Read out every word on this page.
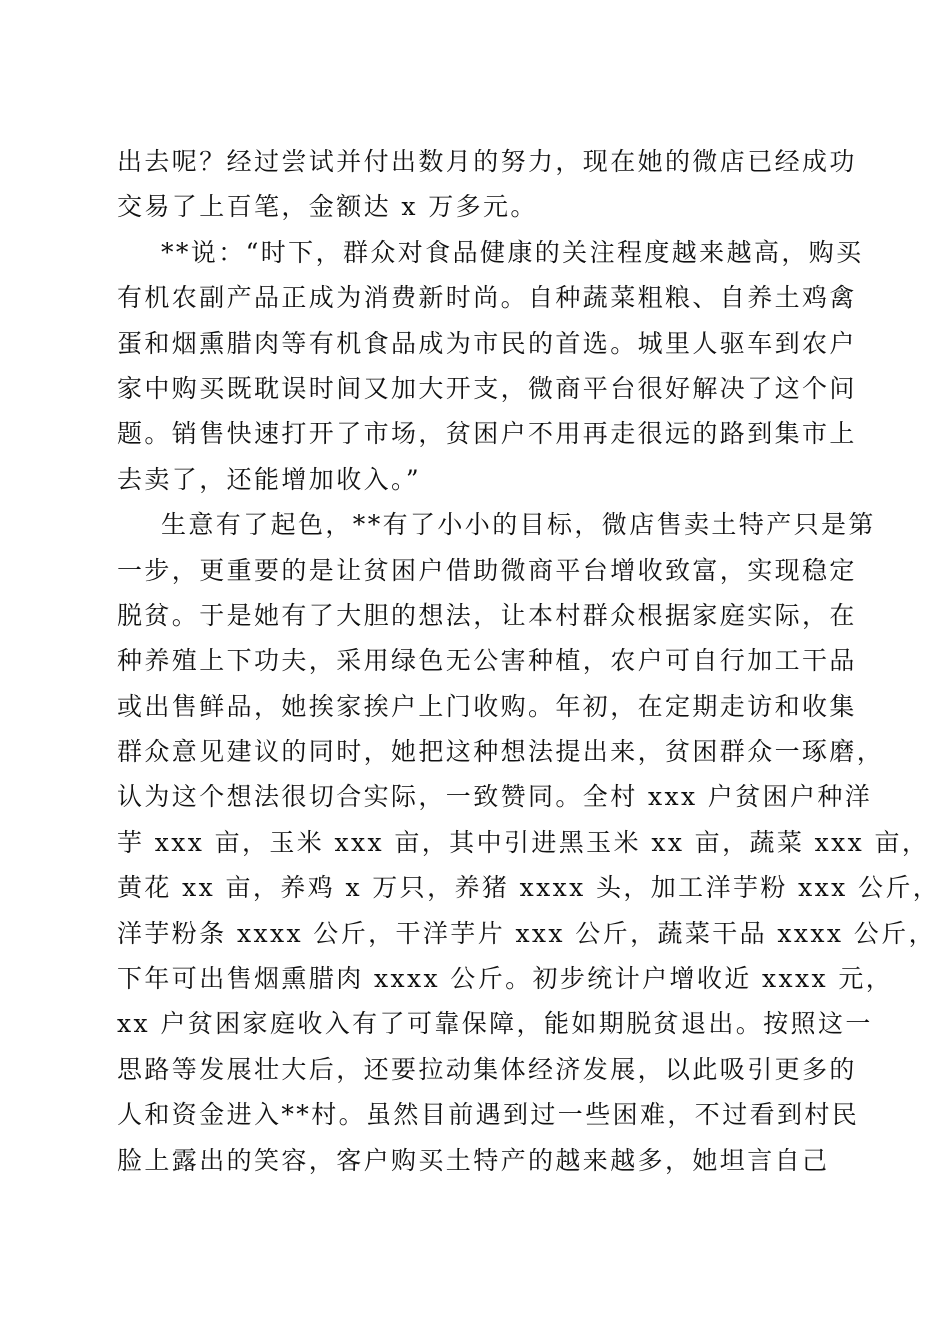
出去呢？经过尝试并付出数月的努力，现在她的微店已经成功
交易了上百笔，金额达 x 万多元。
**说：“时下，群众对食品健康的关注程度越来越高，购买
有机农副产品正成为消费新时尚。自种蔬菜粗粮、自养土鸡禽
蛋和烟熏腊肉等有机食品成为市民的首选。城里人驱车到农户
家中购买既耽误时间又加大开支，微商平台很好解决了这个问
题。销售快速打开了市场，贫困户不用再走很远的路到集市上
去卖了，还能增加收入。”
生意有了起色，**有了小小的目标，微店售卖土特产只是第
一步，更重要的是让贫困户借助微商平台增收致富，实现稳定
脱贫。于是她有了大胆的想法，让本村群众根据家庭实际，在
种养殖上下功夫，采用绿色无公害种植，农户可自行加工干品
或出售鲜品，她挨家挨户上门收购。年初，在定期走访和收集
群众意见建议的同时，她把这种想法提出来，贫困群众一琢磨，
认为这个想法很切合实际，一致赞同。全村 xxx 户贫困户种洋
芋 xxx 亩，玉米 xxx 亩，其中引进黑玉米 xx 亩，蔬菜 xxx 亩，
黄花 xx 亩，养鸡 x 万只，养猪 xxxx 头，加工洋芋粉 xxx 公斤，
洋芋粉条 xxxx 公斤，干洋芋片 xxx 公斤，蔬菜干品 xxxx 公斤，
下年可出售烟熏腊肉 xxxx 公斤。初步统计户增收近 xxxx 元，
xx 户贫困家庭收入有了可靠保障，能如期脱贫退出。按照这一
思路等发展壮大后，还要拉动集体经济发展，以此吸引更多的
人和资金进入**村。虽然目前遇到过一些困难，不过看到村民
脸上露出的笑容，客户购买土特产的越来越多，她坦言自己
